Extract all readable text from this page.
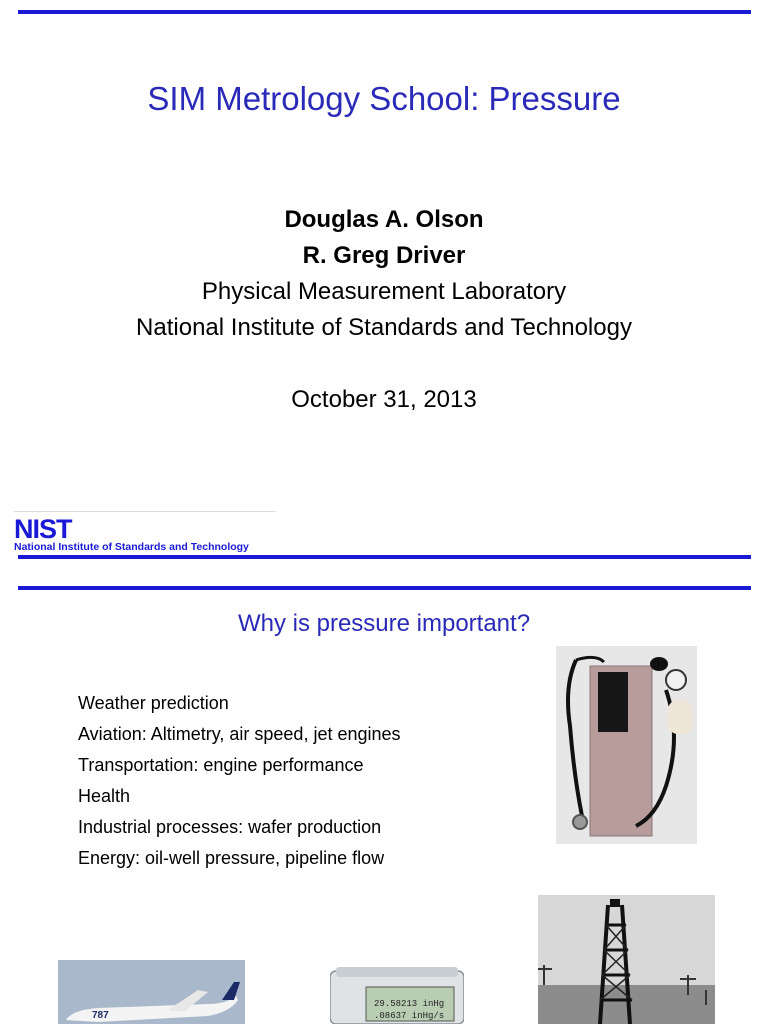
SIM Metrology School: Pressure
Douglas A. Olson
R. Greg Driver
Physical Measurement Laboratory
National Institute of Standards and Technology
October 31, 2013
NIST
National Institute of Standards and Technology
Why is pressure important?
Weather prediction
Aviation: Altimetry, air speed, jet engines
Transportation: engine performance
Health
Industrial processes: wafer production
Energy: oil-well pressure, pipeline flow
787
29.58213 inHg
.08637 inHg/s
